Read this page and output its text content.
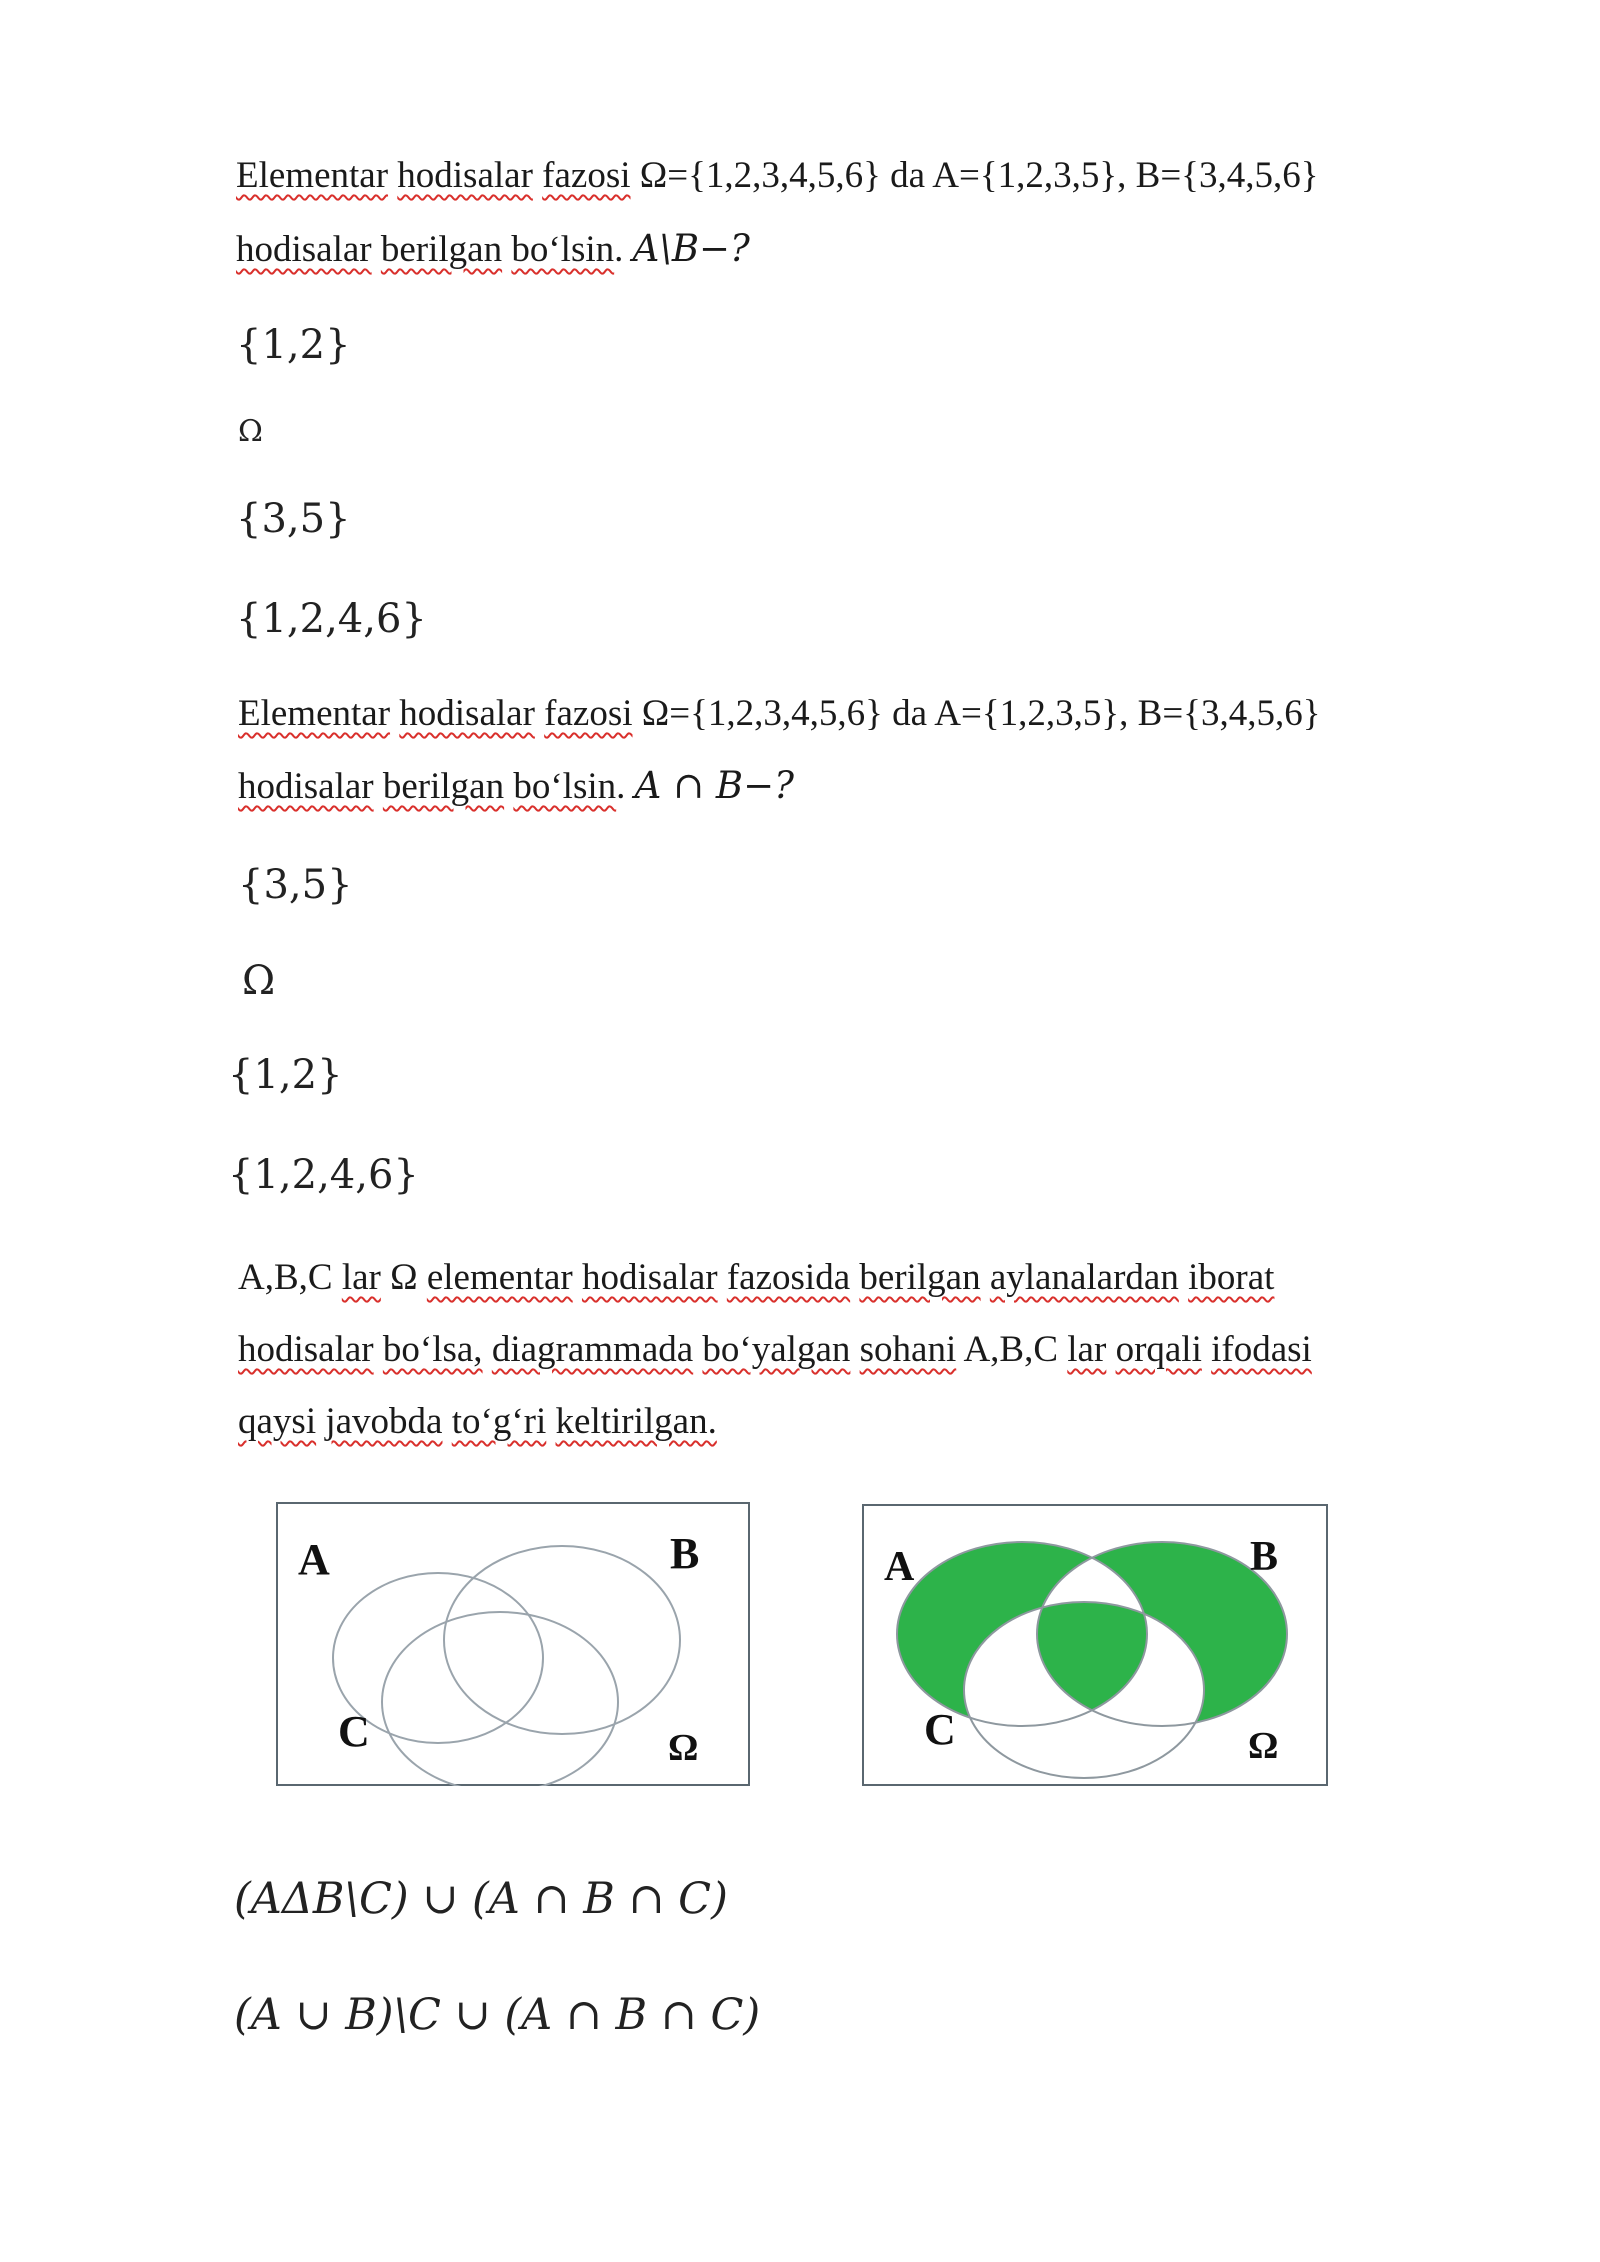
Elementar hodisalar fazosi Ω={1,2,3,4,5,6} da A={1,2,3,5}, B={3,4,5,6}
hodisalar berilgan bo‘lsin. A\B−?
{1,2}
Ω
{3,5}
{1,2,4,6}
Elementar hodisalar fazosi Ω={1,2,3,4,5,6} da A={1,2,3,5}, B={3,4,5,6}
hodisalar berilgan bo‘lsin. A ∩ B−?
{3,5}
Ω
{1,2}
{1,2,4,6}
A,B,C lar Ω elementar hodisalar fazosida berilgan aylanalardan iborat
hodisalar bo‘lsa, diagrammada bo‘yalgan sohani A,B,C lar orqali ifodasi
qaysi javobda to‘g‘ri keltirilgan.
A	B
C	Ω
A	B
C	Ω
(AΔB\C) ∪ (A ∩ B ∩ C)
(A ∪ B)\C ∪ (A ∩ B ∩ C)
